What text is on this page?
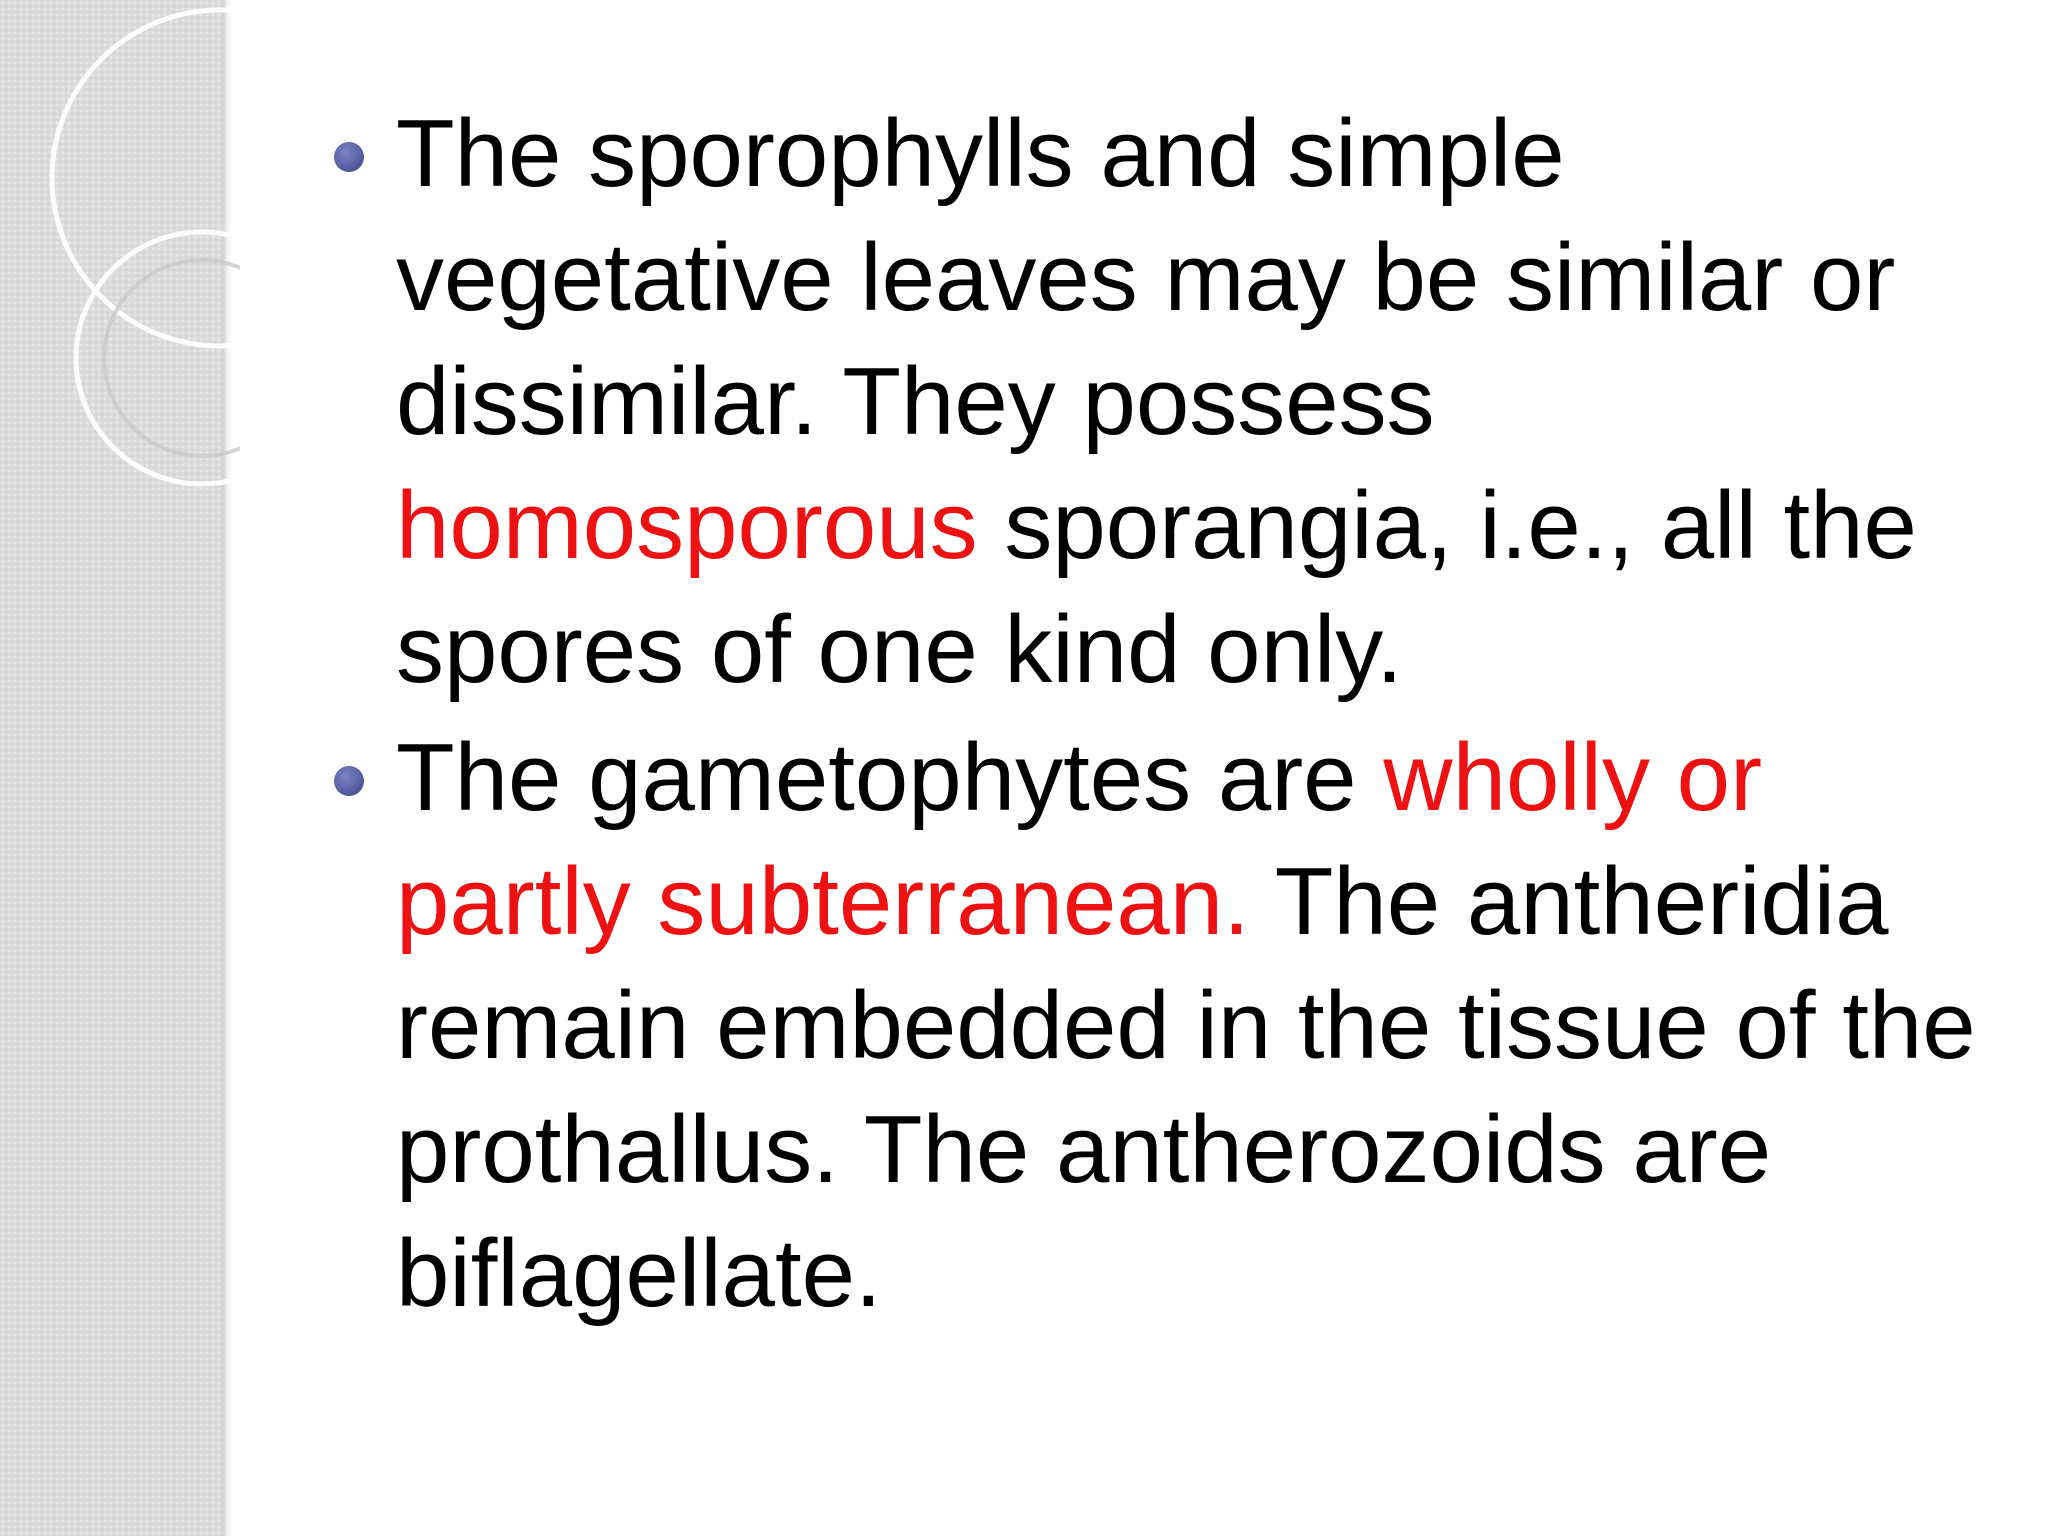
The sporophylls and simple vegetative leaves may be similar or dissimilar. They possess homosporous sporangia, i.e., all the spores of one kind only.
The gametophytes are wholly or partly subterranean. The antheridia remain embedded in the tissue of the prothallus. The antherozoids are biflagellate.
